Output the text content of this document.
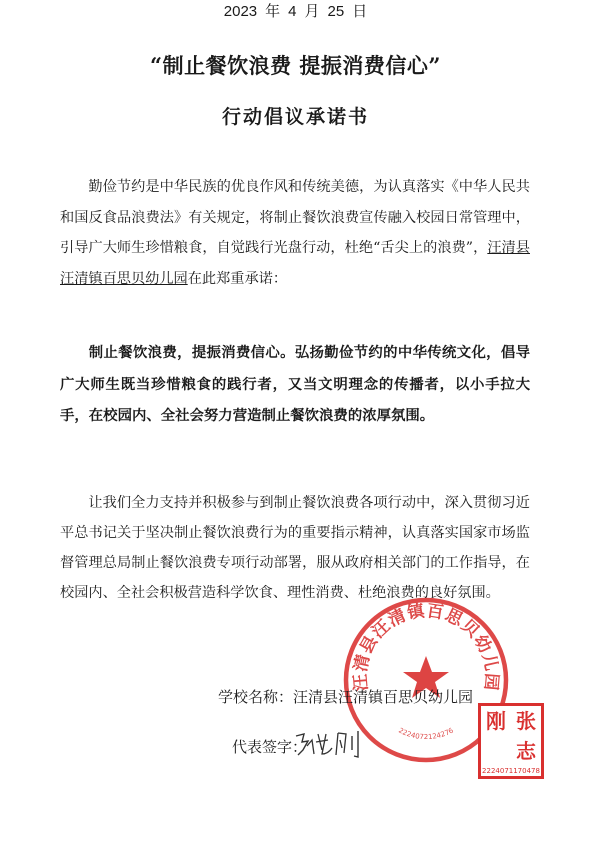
“制止餐饮浪费 提振消费信心”
行动倡议承诺书
勤俭节约是中华民族的优良作风和传统美德，为认真落实《中华人民共和国反食品浪费法》有关规定，将制止餐饮浪费宣传融入校园日常管理中，引导广大师生珍惜粮食，自觉践行光盘行动，杜绝“舌尖上的浪费”，汪清县汪清镇百思贝幼儿园在此郑重承诺：
制止餐饮浪费，提振消费信心。弘扬勤俭节约的中华传统文化，倡导广大师生既当珍惜粮食的践行者，又当文明理念的传播者，以小手拉大手，在校园内、全社会努力营造制止餐饮浪费的浓厚氛围。
让我们全力支持并积极参与到制止餐饮浪费各项行动中，深入贯彻习近平总书记关于坚决制止餐饮浪费行为的重要指示精神，认真落实国家市场监督管理总局制止餐饮浪费专项行动部署，服从政府相关部门的工作指导，在校园内、全社会积极营造科学饮食、理性消费、杜绝浪费的良好氛围。
汪清县汪清镇百思贝幼儿园
2224072124276
学校名称：汪清县汪清镇百思贝幼儿园
代表签字：
刚 张
志
2224071170478
2023 年 4 月 25 日
